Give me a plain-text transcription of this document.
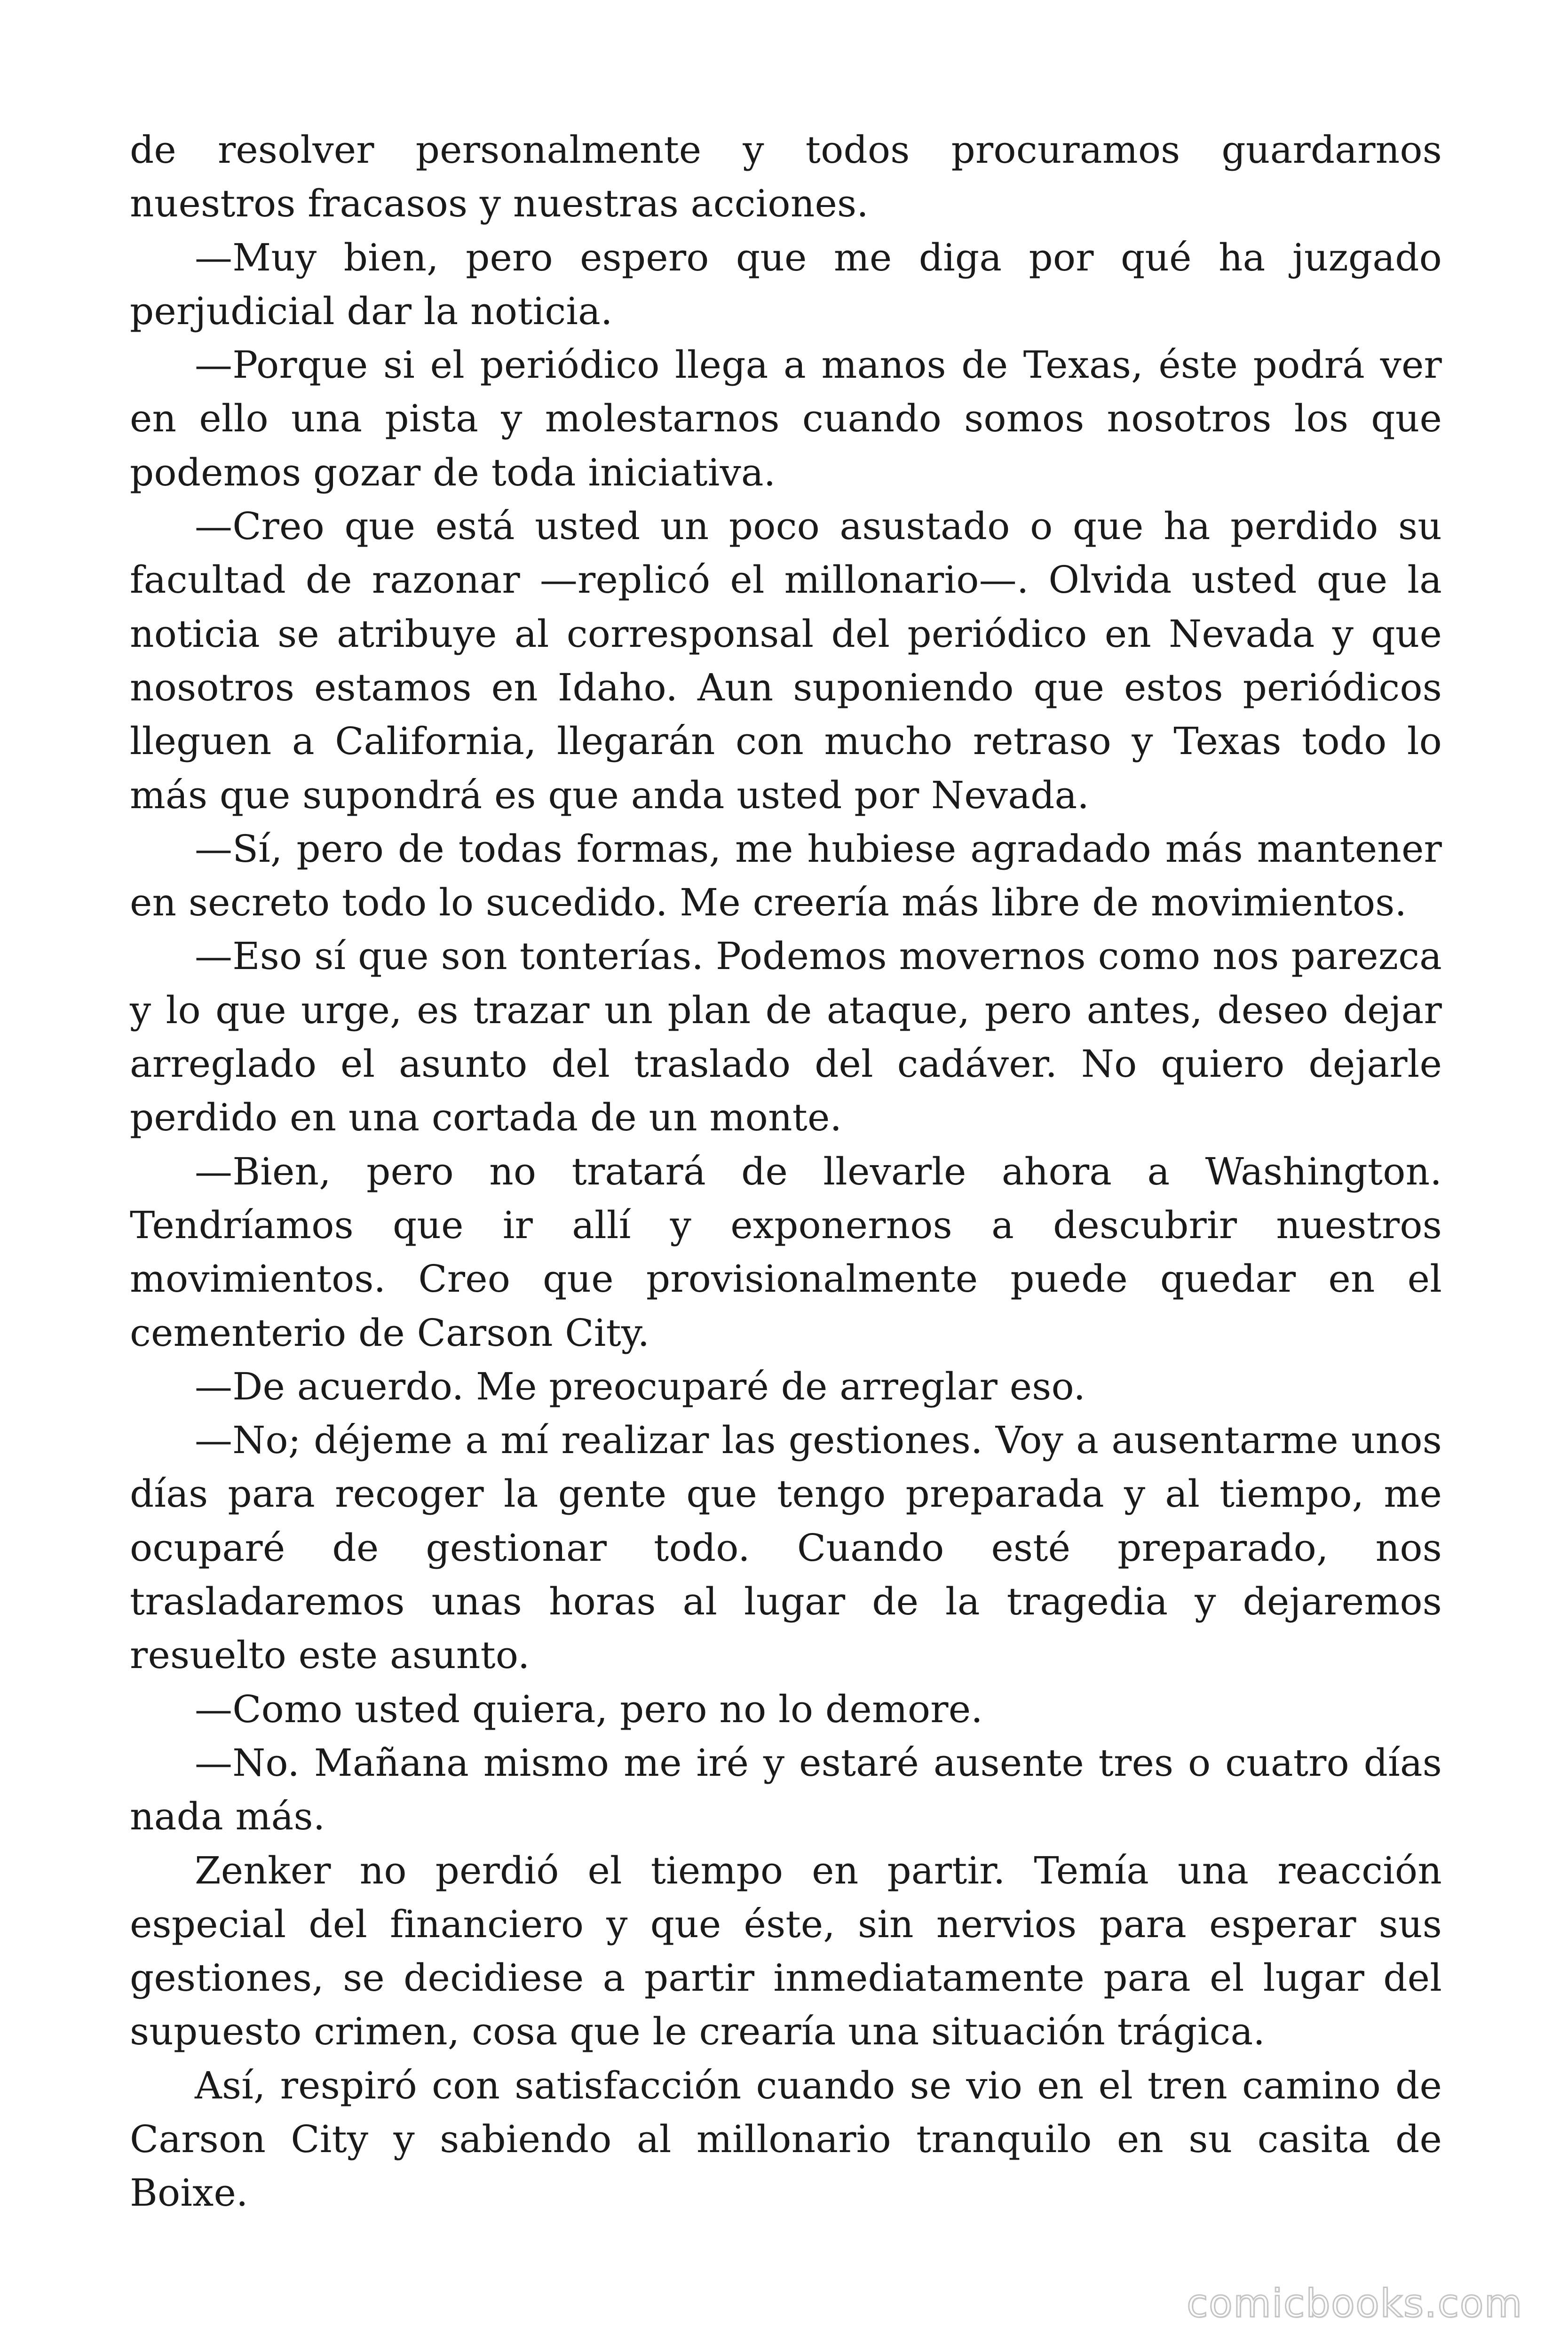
de resolver personalmente y todos procuramos guardarnos nuestros fracasos y nuestras acciones.

—Muy bien, pero espero que me diga por qué ha juzgado perjudicial dar la noticia.

—Porque si el periódico llega a manos de Texas, éste podrá ver en ello una pista y molestarnos cuando somos nosotros los que podemos gozar de toda iniciativa.

—Creo que está usted un poco asustado o que ha perdido su facultad de razonar —replicó el millonario—. Olvida usted que la noticia se atribuye al corresponsal del periódico en Nevada y que nosotros estamos en Idaho. Aun suponiendo que estos periódicos lleguen a California, llegarán con mucho retraso y Texas todo lo más que supondrá es que anda usted por Nevada.

—Sí, pero de todas formas, me hubiese agradado más mantener en secreto todo lo sucedido. Me creería más libre de movimientos.

—Eso sí que son tonterías. Podemos movernos como nos parezca y lo que urge, es trazar un plan de ataque, pero antes, deseo dejar arreglado el asunto del traslado del cadáver. No quiero dejarle perdido en una cortada de un monte.

—Bien, pero no tratará de llevarle ahora a Washington. Tendríamos que ir allí y exponernos a descubrir nuestros movimientos. Creo que provisionalmente puede quedar en el cementerio de Carson City.

—De acuerdo. Me preocuparé de arreglar eso.

—No; déjeme a mí realizar las gestiones. Voy a ausentarme unos días para recoger la gente que tengo preparada y al tiempo, me ocuparé de gestionar todo. Cuando esté preparado, nos trasladaremos unas horas al lugar de la tragedia y dejaremos resuelto este asunto.

—Como usted quiera, pero no lo demore.

—No. Mañana mismo me iré y estaré ausente tres o cuatro días nada más.

Zenker no perdió el tiempo en partir. Temía una reacción especial del financiero y que éste, sin nervios para esperar sus gestiones, se decidiese a partir inmediatamente para el lugar del supuesto crimen, cosa que le crearía una situación trágica.

Así, respiró con satisfacción cuando se vio en el tren camino de Carson City y sabiendo al millonario tranquilo en su casita de Boixe.

comicbooks.com
